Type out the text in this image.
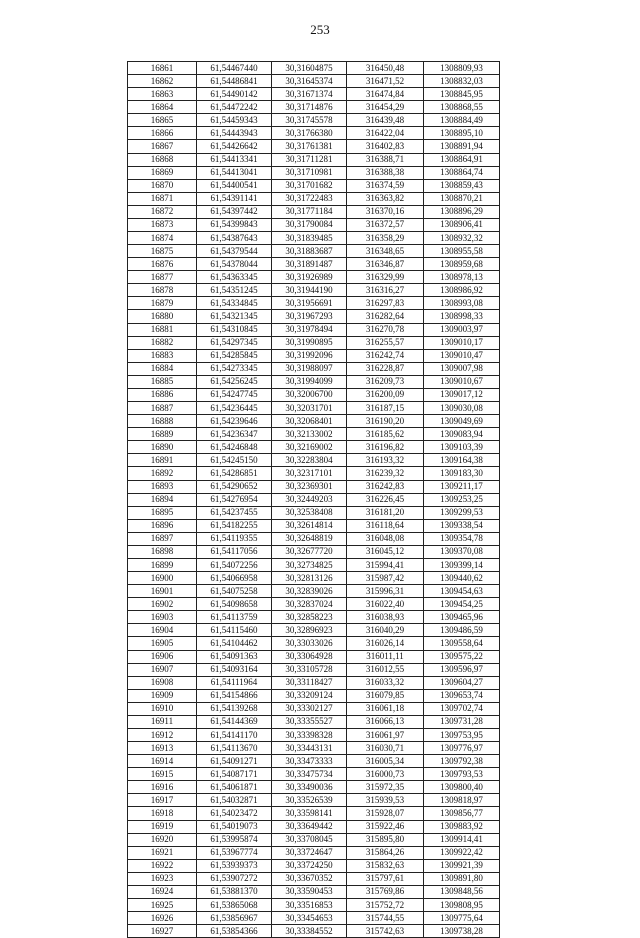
253
16861	61,54467440	30,31604875	316450,48	1308809,93
16862	61,54486841	30,31645374	316471,52	1308832,03
16863	61,54490142	30,31671374	316474,84	1308845,95
16864	61,54472242	30,31714876	316454,29	1308868,55
16865	61,54459343	30,31745578	316439,48	1308884,49
16866	61,54443943	30,31766380	316422,04	1308895,10
16867	61,54426642	30,31761381	316402,83	1308891,94
16868	61,54413341	30,31711281	316388,71	1308864,91
16869	61,54413041	30,31710981	316388,38	1308864,74
16870	61,54400541	30,31701682	316374,59	1308859,43
16871	61,54391141	30,31722483	316363,82	1308870,21
16872	61,54397442	30,31771184	316370,16	1308896,29
16873	61,54399843	30,31790084	316372,57	1308906,41
16874	61,54387643	30,31839485	316358,29	1308932,32
16875	61,54379544	30,31883687	316348,65	1308955,58
16876	61,54378044	30,31891487	316346,87	1308959,68
16877	61,54363345	30,31926989	316329,99	1308978,13
16878	61,54351245	30,31944190	316316,27	1308986,92
16879	61,54334845	30,31956691	316297,83	1308993,08
16880	61,54321345	30,31967293	316282,64	1308998,33
16881	61,54310845	30,31978494	316270,78	1309003,97
16882	61,54297345	30,31990895	316255,57	1309010,17
16883	61,54285845	30,31992096	316242,74	1309010,47
16884	61,54273345	30,31988097	316228,87	1309007,98
16885	61,54256245	30,31994099	316209,73	1309010,67
16886	61,54247745	30,32006700	316200,09	1309017,12
16887	61,54236445	30,32031701	316187,15	1309030,08
16888	61,54239646	30,32068401	316190,20	1309049,69
16889	61,54236347	30,32133002	316185,62	1309083,94
16890	61,54246848	30,32169002	316196,82	1309103,39
16891	61,54245150	30,32283804	316193,32	1309164,38
16892	61,54286851	30,32317101	316239,32	1309183,30
16893	61,54290652	30,32369301	316242,83	1309211,17
16894	61,54276954	30,32449203	316226,45	1309253,25
16895	61,54237455	30,32538408	316181,20	1309299,53
16896	61,54182255	30,32614814	316118,64	1309338,54
16897	61,54119355	30,32648819	316048,08	1309354,78
16898	61,54117056	30,32677720	316045,12	1309370,08
16899	61,54072256	30,32734825	315994,41	1309399,14
16900	61,54066958	30,32813126	315987,42	1309440,62
16901	61,54075258	30,32839026	315996,31	1309454,63
16902	61,54098658	30,32837024	316022,40	1309454,25
16903	61,54113759	30,32858223	316038,93	1309465,96
16904	61,54115460	30,32896923	316040,29	1309486,59
16905	61,54104462	30,33033026	316026,14	1309558,64
16906	61,54091363	30,33064928	316011,11	1309575,22
16907	61,54093164	30,33105728	316012,55	1309596,97
16908	61,54111964	30,33118427	316033,32	1309604,27
16909	61,54154866	30,33209124	316079,85	1309653,74
16910	61,54139268	30,33302127	316061,18	1309702,74
16911	61,54144369	30,33355527	316066,13	1309731,28
16912	61,54141170	30,33398328	316061,97	1309753,95
16913	61,54113670	30,33443131	316030,71	1309776,97
16914	61,54091271	30,33473333	316005,34	1309792,38
16915	61,54087171	30,33475734	316000,73	1309793,53
16916	61,54061871	30,33490036	315972,35	1309800,40
16917	61,54032871	30,33526539	315939,53	1309818,97
16918	61,54023472	30,33598141	315928,07	1309856,77
16919	61,54019073	30,33649442	315922,46	1309883,92
16920	61,53995874	30,33708045	315895,80	1309914,41
16921	61,53967774	30,33724647	315864,26	1309922,42
16922	61,53939373	30,33724250	315832,63	1309921,39
16923	61,53907272	30,33670352	315797,61	1309891,80
16924	61,53881370	30,33590453	315769,86	1309848,56
16925	61,53865068	30,33516853	315752,72	1309808,95
16926	61,53856967	30,33454653	315744,55	1309775,64
16927	61,53854366	30,33384552	315742,63	1309738,28
